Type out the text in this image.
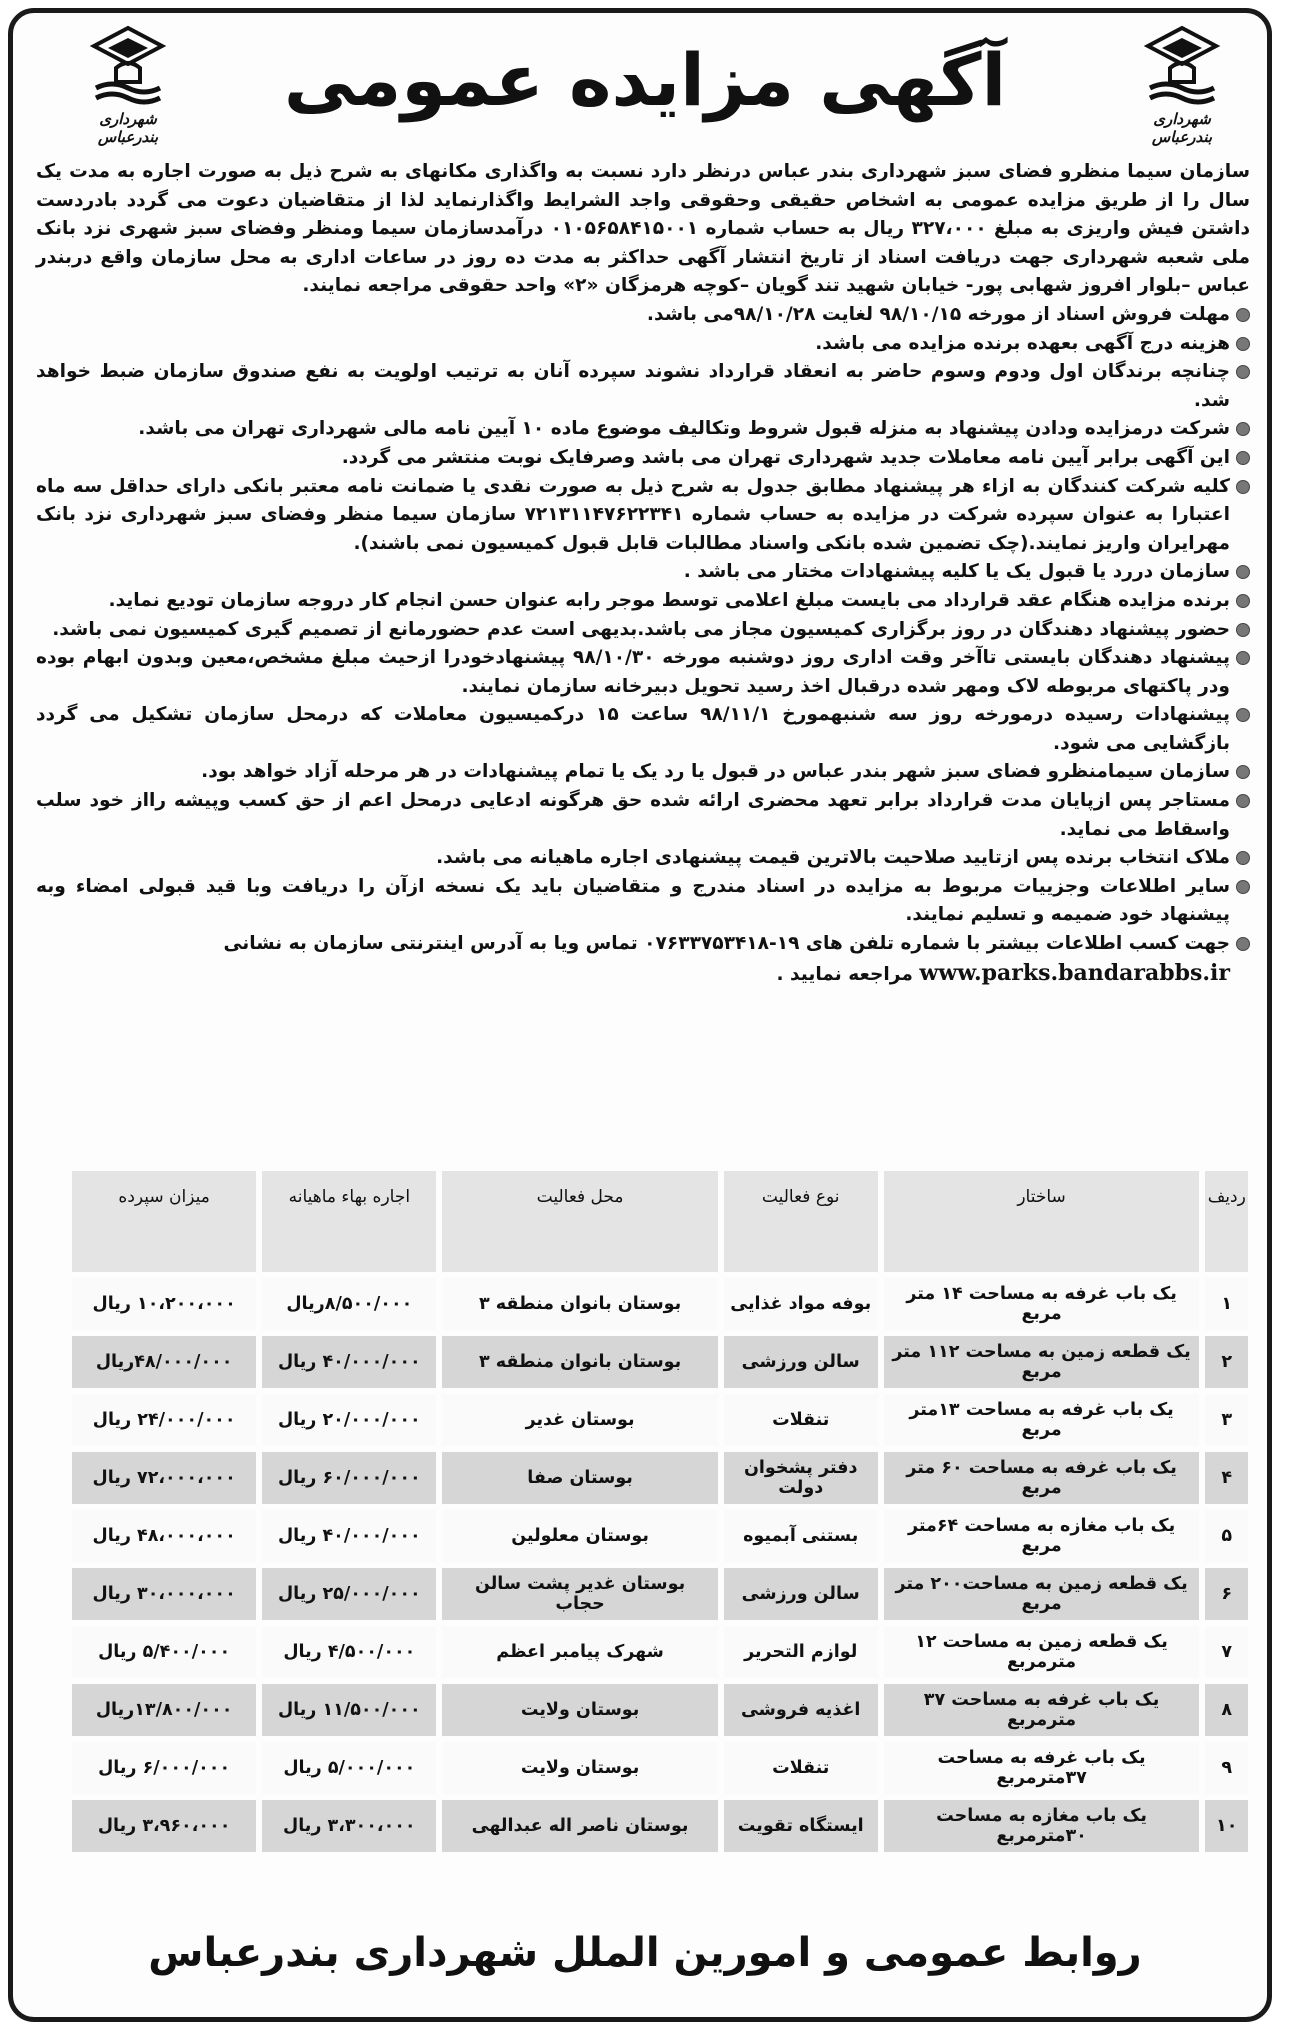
شهرداری بندرعباس
آگهی مزایده عمومی
شهرداری بندرعباس

سازمان سیما منظرو فضای سبز شهرداری بندر عباس درنظر دارد نسبت به واگذاری مکانهای به شرح ذیل به صورت اجاره به مدت یک سال را از طریق مزایده عمومی به اشخاص حقیقی وحقوقی واجد الشرایط واگذارنماید لذا از متقاضیان دعوت می گردد بادردست داشتن فیش واریزی به مبلغ ۳۲۷،۰۰۰ ریال به حساب شماره ۰۱۰۵۶۵۸۴۱۵۰۰۱ درآمدسازمان سیما ومنظر وفضای سبز شهری نزد بانک ملی شعبه شهرداری جهت دریافت اسناد از تاریخ انتشار آگهی حداکثر به مدت ده روز در ساعات اداری به محل سازمان واقع دربندر عباس –بلوار افروز شهابی پور- خیابان شهید تند گویان –کوچه هرمزگان «۲» واحد حقوقی مراجعه نمایند.

مهلت فروش اسناد از مورخه ۹۸/۱۰/۱۵ لغایت ۹۸/۱۰/۲۸می باشد.
هزینه درج آگهی بعهده برنده مزایده می باشد.
چنانچه برندگان اول ودوم وسوم حاضر به انعقاد قرارداد نشوند سپرده آنان به ترتیب اولویت به نفع صندوق سازمان ضبط خواهد شد.
شرکت درمزایده ودادن پیشنهاد به منزله قبول شروط وتکالیف موضوع ماده ۱۰ آیین نامه مالی شهرداری تهران می باشد.
این آگهی برابر آیین نامه معاملات جدید شهرداری تهران می باشد وصرفایک نوبت منتشر می گردد.
کلیه شرکت کنندگان به ازاء هر پیشنهاد مطابق جدول به شرح ذیل به صورت نقدی یا ضمانت نامه معتبر بانکی دارای حداقل سه ماه اعتبارا به عنوان سپرده شرکت در مزایده به حساب شماره ۷۲۱۳۱۱۴۷۶۲۲۳۴۱ سازمان سیما منظر وفضای سبز شهرداری نزد بانک مهرایران واریز نمایند.(چک تضمین شده بانکی واسناد مطالبات قابل قبول کمیسیون نمی باشند).
سازمان دررد یا قبول یک یا کلیه پیشنهادات مختار می باشد .
برنده مزایده هنگام عقد قرارداد می بایست مبلغ اعلامی توسط موجر رابه عنوان حسن انجام کار دروجه سازمان تودیع نماید.
حضور پیشنهاد دهندگان در روز برگزاری کمیسیون مجاز می باشد.بدیهی است عدم حضورمانع از تصمیم گیری کمیسیون نمی باشد.
پیشنهاد دهندگان بایستی تاآخر وقت اداری روز دوشنبه مورخه ۹۸/۱۰/۳۰ پیشنهادخودرا ازحیث مبلغ مشخص،معین وبدون ابهام بوده ودر پاکتهای مربوطه لاک ومهر شده درقبال اخذ رسید تحویل دبیرخانه سازمان نمایند.
پیشنهادات رسیده درمورخه روز سه شنبهمورخ ۹۸/۱۱/۱ ساعت ۱۵ درکمیسیون معاملات که درمحل سازمان تشکیل می گردد بازگشایی می شود.
سازمان سیمامنظرو فضای سبز شهر بندر عباس در قبول یا رد یک یا تمام پیشنهادات در هر مرحله آزاد خواهد بود.
مستاجر پس ازپایان مدت قرارداد برابر تعهد محضری ارائه شده حق هرگونه ادعایی درمحل اعم از حق کسب وپیشه رااز خود سلب واسقاط می نماید.
ملاک انتخاب برنده پس ازتایید صلاحیت بالاترین قیمت پیشنهادی اجاره ماهیانه می باشد.
سایر اطلاعات وجزییات مربوط به مزایده در اسناد مندرج و متقاضیان باید یک نسخه ازآن را دریافت وبا قید قبولی امضاء وبه پیشنهاد خود ضمیمه و تسلیم نمایند.
جهت کسب اطلاعات بیشتر با شماره تلفن های ۱۹-۰۷۶۳۳۷۵۳۴۱۸ تماس ویا به آدرس اینترنتی سازمان به نشانی
www.parks.bandarabbs.ir مراجعه نمایید .
ردیف	ساختار	نوع فعالیت	محل فعالیت	اجاره بهاء ماهیانه	میزان سپرده
۱	یک باب غرفه به مساحت ۱۴ متر مربع	بوفه مواد غذایی	بوستان بانوان منطقه ۳	۸/۵۰۰/۰۰۰ریال	۱۰،۲۰۰،۰۰۰ ریال
۲	یک قطعه زمین به مساحت ۱۱۲ متر مربع	سالن ورزشی	بوستان بانوان منطقه ۳	۴۰/۰۰۰/۰۰۰ ریال	۴۸/۰۰۰/۰۰۰ریال
۳	یک باب غرفه به مساحت ۱۳متر مربع	تنقلات	بوستان غدیر	۲۰/۰۰۰/۰۰۰ ریال	۲۴/۰۰۰/۰۰۰ ریال
۴	یک باب غرفه به مساحت ۶۰ متر مربع	دفتر پشخوان دولت	بوستان صفا	۶۰/۰۰۰/۰۰۰ ریال	۷۲،۰۰۰،۰۰۰ ریال
۵	یک باب مغازه به مساحت ۶۴متر مربع	بستنی آبمیوه	بوستان معلولین	۴۰/۰۰۰/۰۰۰ ریال	۴۸،۰۰۰،۰۰۰ ریال
۶	یک قطعه زمین به مساحت۲۰۰ متر مربع	سالن ورزشی	بوستان غدیر پشت سالن حجاب	۲۵/۰۰۰/۰۰۰ ریال	۳۰،۰۰۰،۰۰۰ ریال
۷	یک قطعه زمین به مساحت ۱۲ مترمربع	لوازم التحریر	شهرک پیامبر اعظم	۴/۵۰۰/۰۰۰ ریال	۵/۴۰۰/۰۰۰ ریال
۸	یک باب غرفه به مساحت ۳۷ مترمربع	اغذیه فروشی	بوستان ولایت	۱۱/۵۰۰/۰۰۰ ریال	۱۳/۸۰۰/۰۰۰ریال
۹	یک باب غرفه به مساحت ۳۷مترمربع	تنقلات	بوستان ولایت	۵/۰۰۰/۰۰۰ ریال	۶/۰۰۰/۰۰۰ ریال
۱۰	یک باب مغازه به مساحت ۳۰مترمربع	ایستگاه تقویت	بوستان ناصر اله عبدالهی	۳،۳۰۰،۰۰۰ ریال	۳،۹۶۰،۰۰۰ ریال
روابط عمومی و امورین الملل شهرداری بندرعباس
